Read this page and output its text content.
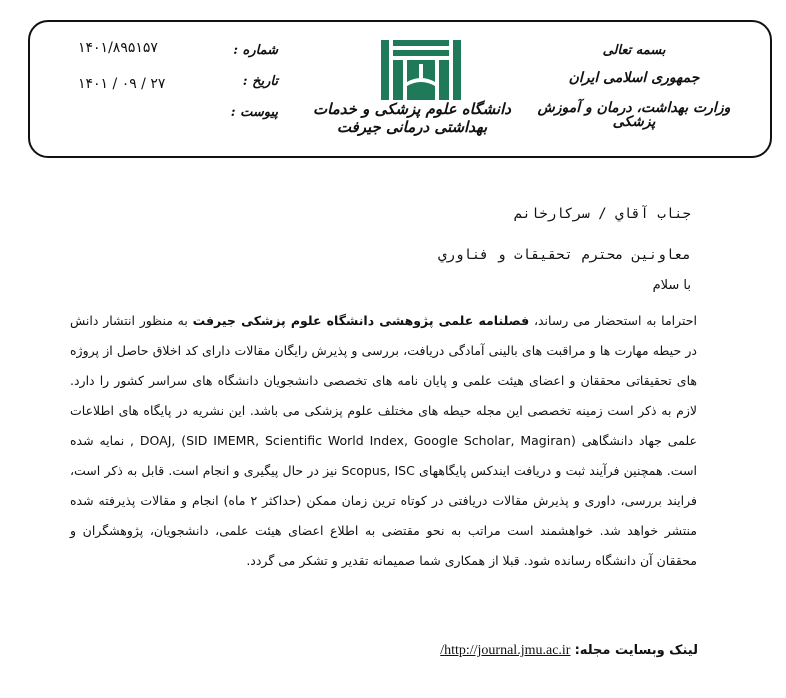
بسمه تعالی
جمهوری اسلامی ایران
وزارت بهداشت، درمان و آموزش پزشکی
دانشگاه علوم پزشکی و خدمات بهداشتی درمانی جیرفت
شماره :
تاریخ :
پیوست :
۱۴۰۱/۸۹۵۱۵۷
۱۴۰۱ / ۰۹ / ۲۷
جناب آقاي / سرکارخانم
معاونين محترم تحقيقات و فناوري
با سلام
احتراما به استحضار می رساند، فصلنامه علمی پژوهشی دانشگاه علوم پزشکی جیرفت به منظور انتشار دانش در حیطه مهارت ها و مراقبت های بالینی آمادگی دریافت، بررسی و پذیرش رایگان مقالات دارای کد اخلاق حاصل از پروژه های تحقیقاتی محققان و اعضای هیئت علمی و پایان نامه های تخصصی دانشجویان دانشگاه های سراسر کشور را دارد. لازم به ذکر است زمینه تخصصی این مجله حیطه های مختلف علوم پزشکی می باشد. این نشریه در پایگاه های اطلاعات علمی جهاد دانشگاهی (DOAJ, (SID IMEMR, Scientific World Index, Google Scholar, Magiran , نمایه شده است. همچنین فرآیند ثبت و دریافت ایندکس پایگاههای Scopus, ISC نیز در حال پیگیری و انجام است. قابل به ذکر است، فرایند بررسی، داوری و پذیرش مقالات دریافتی در کوتاه ترین زمان ممکن (حداکثر ۲ ماه) انجام و مقالات پذیرفته شده منتشر خواهد شد. خواهشمند است مراتب به نحو مقتضی به اطلاع اعضای هیئت علمی، دانشجویان، پژوهشگران و محققان آن دانشگاه رسانده شود. قبلا از همکاری شما صمیمانه تقدیر و تشکر می گردد.
لینک وبسایت مجله: http://journal.jmu.ac.ir/
